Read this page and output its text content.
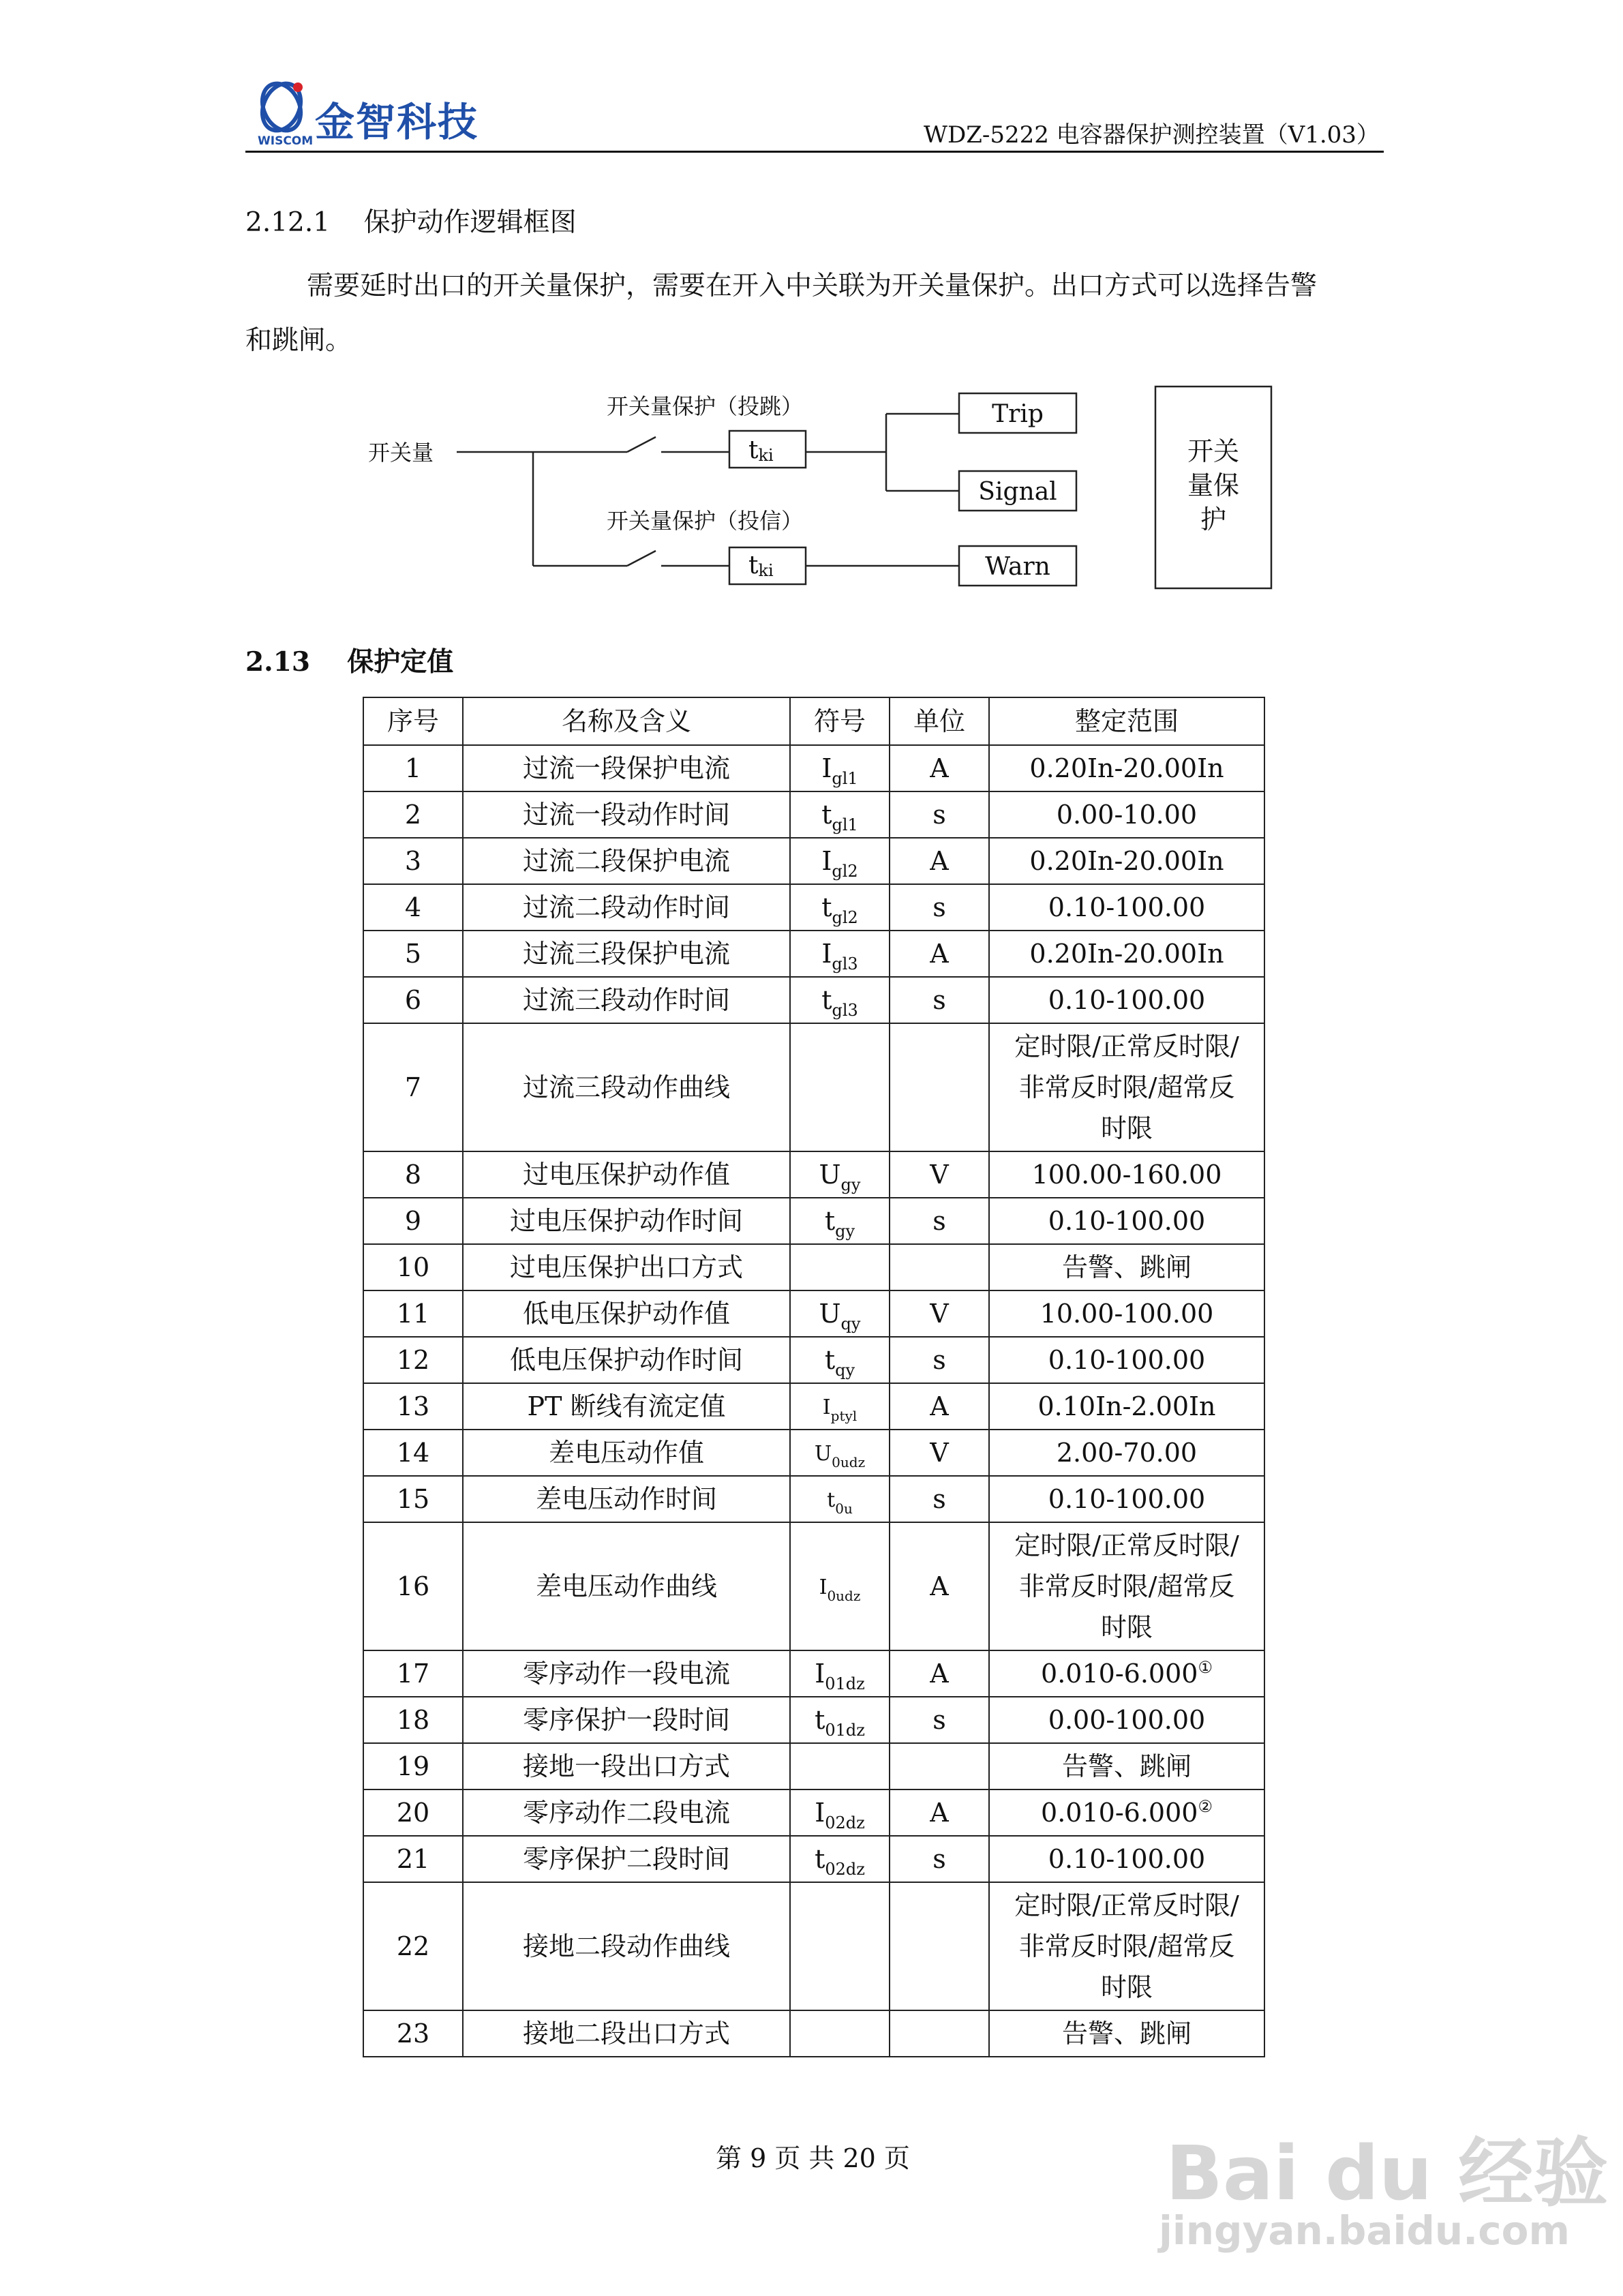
金智科技
WISCOM	WDZ-5222 电容器保护测控装置（V1.03）
2.12.1    保护动作逻辑框图
需要延时出口的开关量保护，需要在开入中关联为开关量保护。出口方式可以选择告警
和跳闸。
开关量
开关量保护（投跳）
开关量保护（投信）
tki
tki
Trip
Signal
Warn
开关
量保
护
2.13    保护定值
序号	名称及含义	符号	单位	整定范围
1	过流一段保护电流	$I_{gl1}$	A	0.20In-20.00In
2	过流一段动作时间	$t_{gl1}$	s	0.00-10.00
3	过流二段保护电流	$I_{gl2}$	A	0.20In-20.00In
4	过流二段动作时间	$t_{gl2}$	s	0.10-100.00
5	过流三段保护电流	$I_{gl3}$	A	0.20In-20.00In
6	过流三段动作时间	$t_{gl3}$	s	0.10-100.00
7	过流三段动作曲线			定时限/正常反时限/
非常反时限/超常反
时限

8	过电压保护动作值	$U_{gy}$	V	100.00-160.00
9	过电压保护动作时间	$t_{gy}$	s	0.10-100.00
10	过电压保护出口方式			告警、跳闸
11	低电压保护动作值	$U_{qy}$	V	10.00-100.00
12	低电压保护动作时间	$t_{qy}$	s	0.10-100.00
13	PT 断线有流定值	$I_{ptyl}$	A	0.10In-2.00In
14	差电压动作值	$U_{0udz}$	V	2.00-70.00
15	差电压动作时间	$t_{0u}$	s	0.10-100.00
16	差电压动作曲线	$I_{0udz}$	A	定时限/正常反时限/
非常反时限/超常反
时限

17	零序动作一段电流	$I_{01dz}$	A	0.010-6.000①
18	零序保护一段时间	$t_{01dz}$	s	0.00-100.00
19	接地一段出口方式			告警、跳闸
20	零序动作二段电流	$I_{02dz}$	A	0.010-6.000②
21	零序保护二段时间	$t_{02dz}$	s	0.10-100.00
22	接地二段动作曲线			定时限/正常反时限/
非常反时限/超常反
时限

23	接地二段出口方式			告警、跳闸
第 9 页 共 20 页	Bai du 经验
jingyan.baidu.com
